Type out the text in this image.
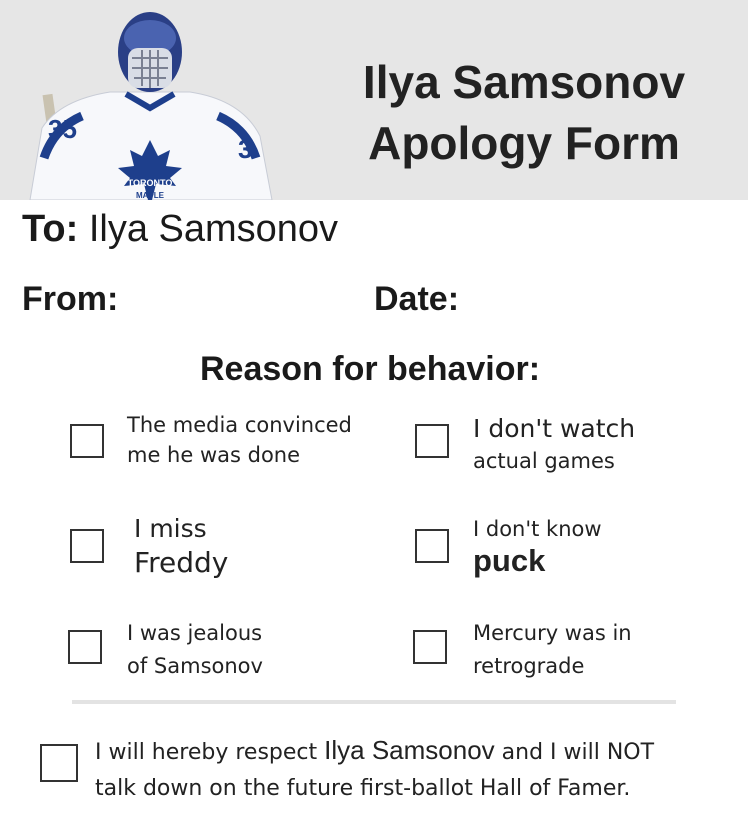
35
3
TORONTO
MAPLE
Ilya Samsonov
Apology Form
To: Ilya Samsonov
From:	Date:
Reason for behavior:
The media convinced
me he was done
I don't watch
actual games
I miss
Freddy
I don't know
puck
I was jealous
of Samsonov
Mercury was in
retrograde
I will hereby respect Ilya Samsonov and I will NOT
talk down on the future first-ballot Hall of Famer.
